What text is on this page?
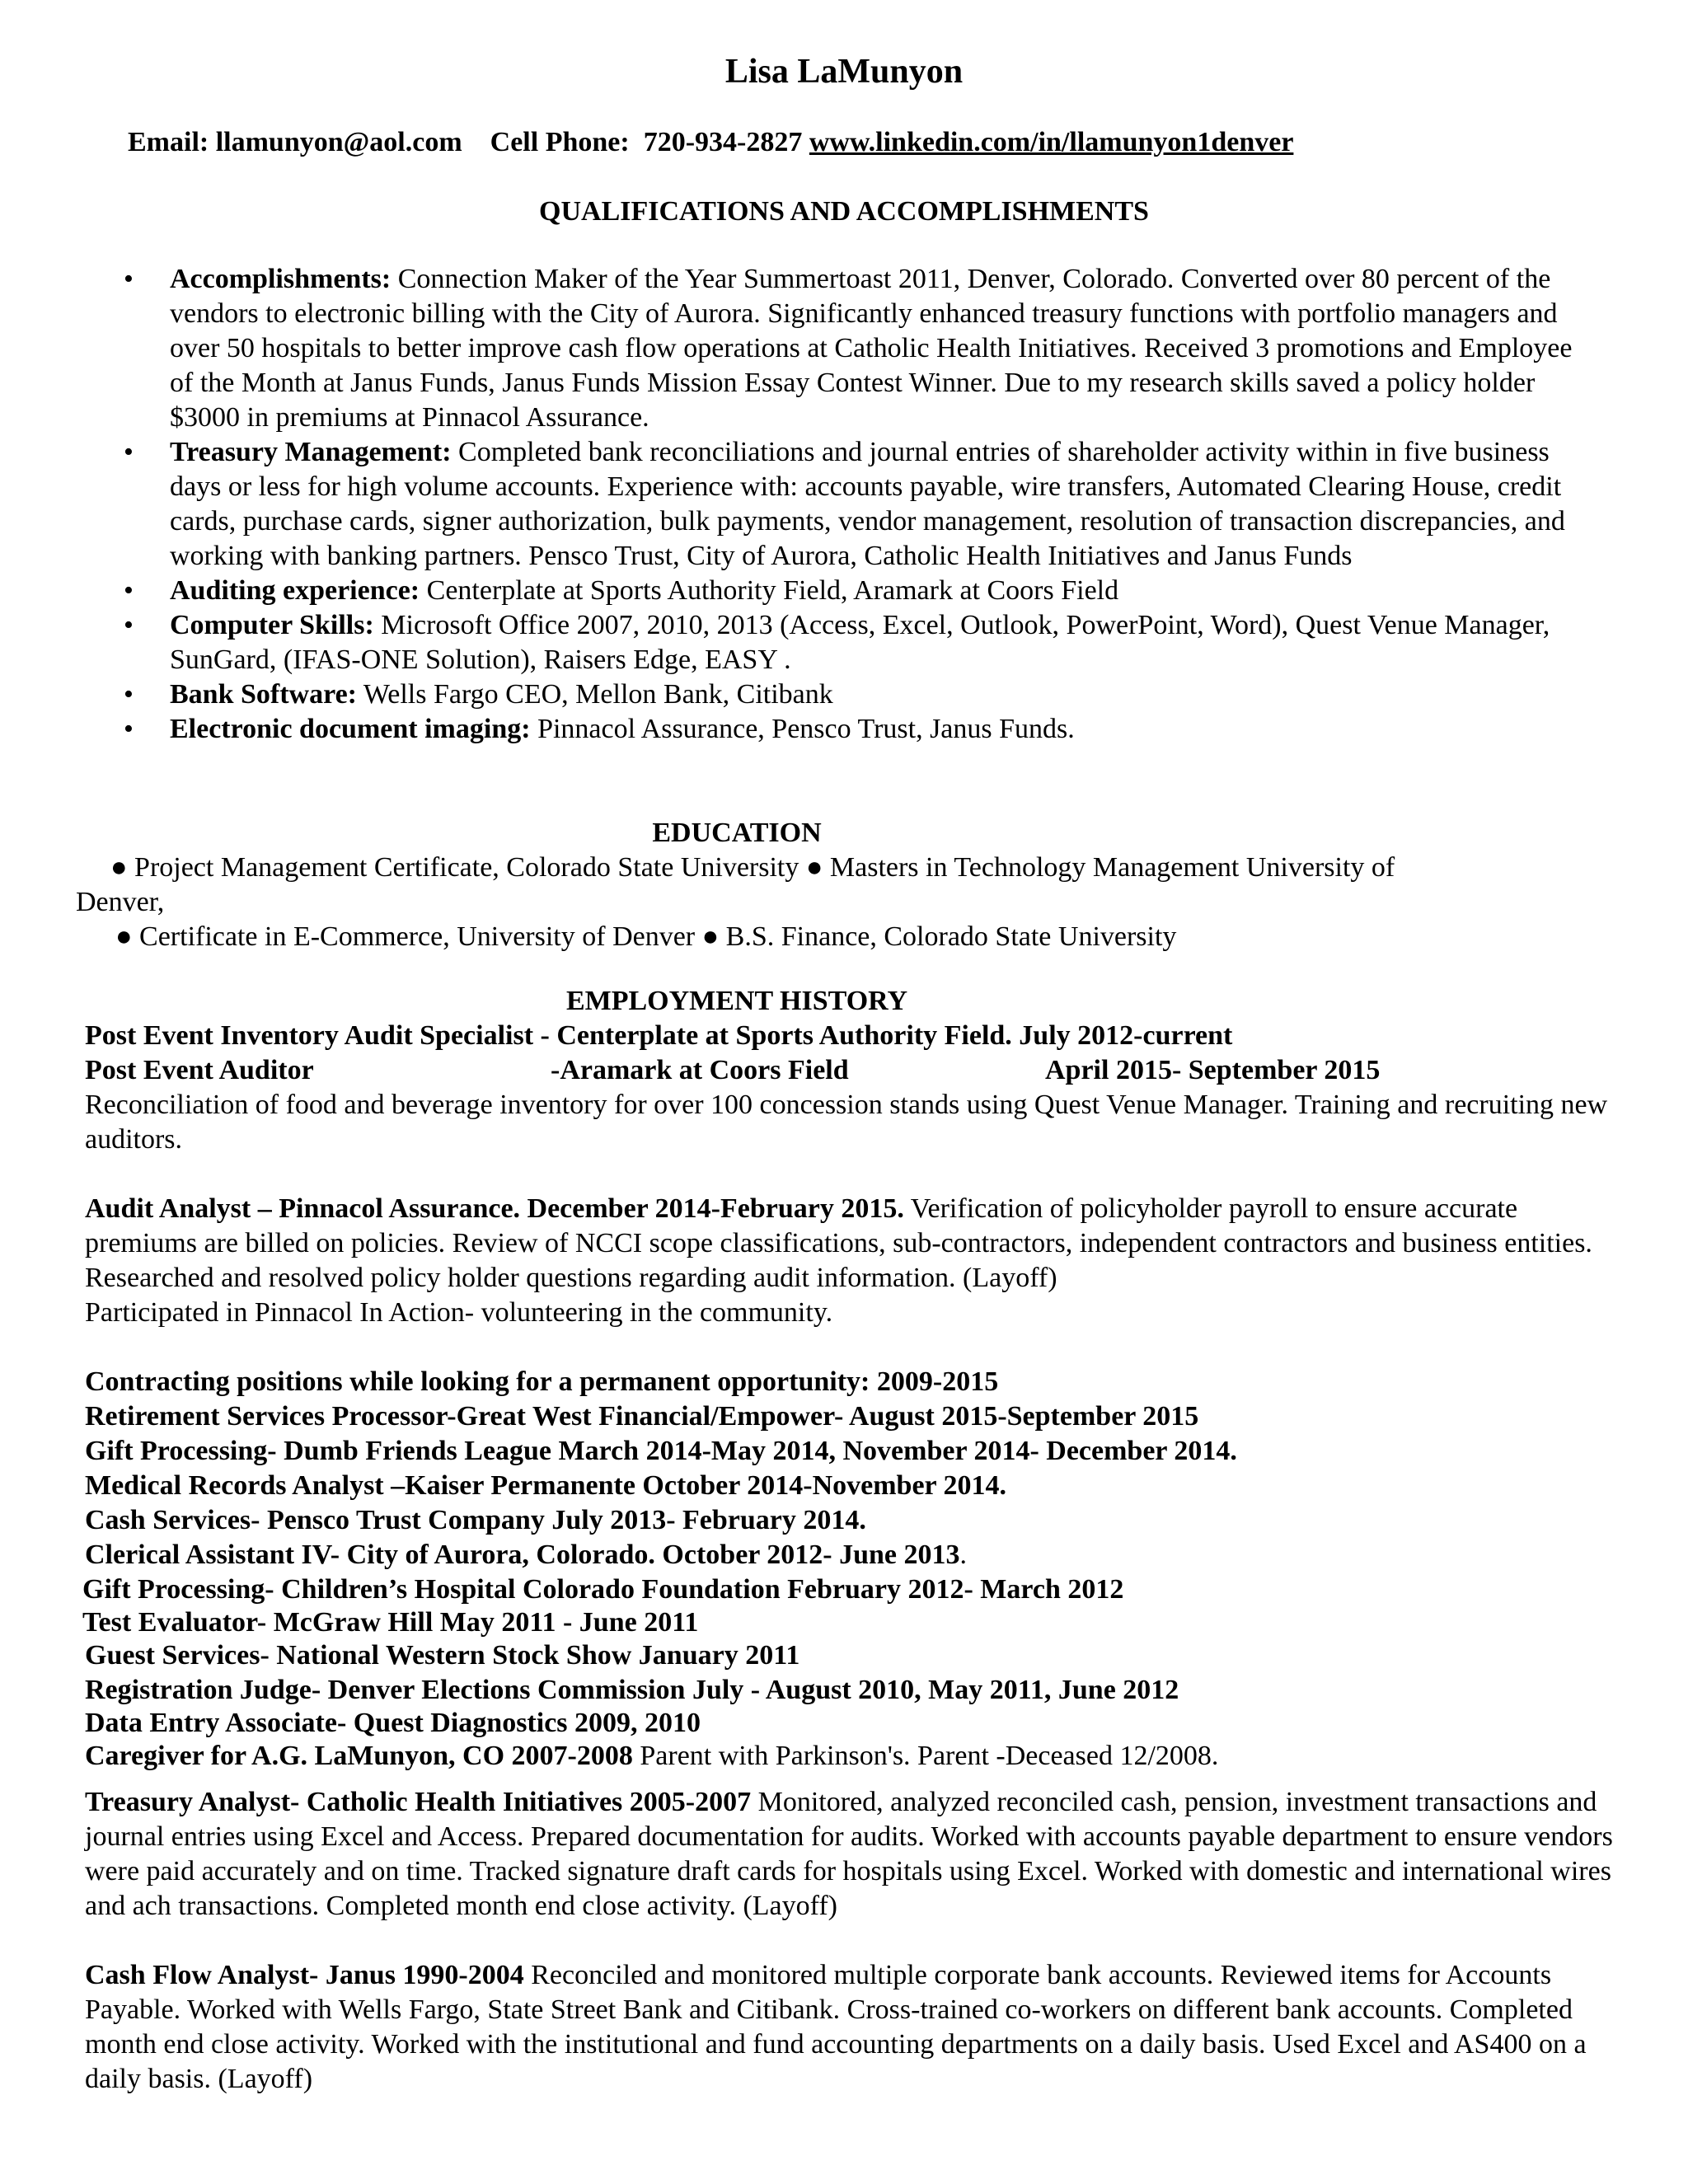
Lisa LaMunyon
Email: llamunyon@aol.com Cell Phone: 720-934-2827 www.linkedin.com/in/llamunyon1denver
QUALIFICATIONS AND ACCOMPLISHMENTS
• Accomplishments: Connection Maker of the Year Summertoast 2011, Denver, Colorado. Converted over 80 percent of the vendors to electronic billing with the City of Aurora. Significantly enhanced treasury functions with portfolio managers and over 50 hospitals to better improve cash flow operations at Catholic Health Initiatives. Received 3 promotions and Employee of the Month at Janus Funds, Janus Funds Mission Essay Contest Winner. Due to my research skills saved a policy holder $3000 in premiums at Pinnacol Assurance.
• Treasury Management: Completed bank reconciliations and journal entries of shareholder activity within in five business days or less for high volume accounts. Experience with: accounts payable, wire transfers, Automated Clearing House, credit cards, purchase cards, signer authorization, bulk payments, vendor management, resolution of transaction discrepancies, and working with banking partners. Pensco Trust, City of Aurora, Catholic Health Initiatives and Janus Funds
• Auditing experience: Centerplate at Sports Authority Field, Aramark at Coors Field
• Computer Skills: Microsoft Office 2007, 2010, 2013 (Access, Excel, Outlook, PowerPoint, Word), Quest Venue Manager, SunGard, (IFAS-ONE Solution), Raisers Edge, EASY .
• Bank Software: Wells Fargo CEO, Mellon Bank, Citibank
• Electronic document imaging: Pinnacol Assurance, Pensco Trust, Janus Funds.
EDUCATION

● Project Management Certificate, Colorado State University ● Masters in Technology Management University of

Denver,

● Certificate in E-Commerce, University of Denver ● B.S. Finance, Colorado State University

EMPLOYMENT HISTORY

Post Event Inventory Audit Specialist - Centerplate at Sports Authority Field. July 2012-current

Post Event Auditor	-Aramark at Coors Field	April 2015- September 2015

Reconciliation of food and beverage inventory for over 100 concession stands using Quest Venue Manager. Training and recruiting new auditors.

Audit Analyst – Pinnacol Assurance. December 2014-February 2015. Verification of policyholder payroll to ensure accurate premiums are billed on policies. Review of NCCI scope classifications, sub-contractors, independent contractors and business entities. Researched and resolved policy holder questions regarding audit information. (Layoff)

Participated in Pinnacol In Action- volunteering in the community.

Contracting positions while looking for a permanent opportunity: 2009-2015

Retirement Services Processor-Great West Financial/Empower- August 2015-September 2015

Gift Processing- Dumb Friends League March 2014-May 2014, November 2014- December 2014.

Medical Records Analyst –Kaiser Permanente October 2014-November 2014.

Cash Services- Pensco Trust Company July 2013- February 2014.

Clerical Assistant IV- City of Aurora, Colorado. October 2012- June 2013.

Gift Processing- Children’s Hospital Colorado Foundation February 2012- March 2012

Test Evaluator- McGraw Hill May 2011 - June 2011

Guest Services- National Western Stock Show January 2011

Registration Judge- Denver Elections Commission July - August 2010, May 2011, June 2012

Data Entry Associate- Quest Diagnostics 2009, 2010

Caregiver for A.G. LaMunyon, CO 2007-2008 Parent with Parkinson's. Parent -Deceased 12/2008.

Treasury Analyst- Catholic Health Initiatives 2005-2007 Monitored, analyzed reconciled cash, pension, investment transactions and journal entries using Excel and Access. Prepared documentation for audits. Worked with accounts payable department to ensure vendors were paid accurately and on time. Tracked signature draft cards for hospitals using Excel. Worked with domestic and international wires and ach transactions. Completed month end close activity. (Layoff)

Cash Flow Analyst- Janus 1990-2004 Reconciled and monitored multiple corporate bank accounts. Reviewed items for Accounts Payable. Worked with Wells Fargo, State Street Bank and Citibank. Cross-trained co-workers on different bank accounts. Completed month end close activity. Worked with the institutional and fund accounting departments on a daily basis. Used Excel and AS400 on a daily basis. (Layoff)
